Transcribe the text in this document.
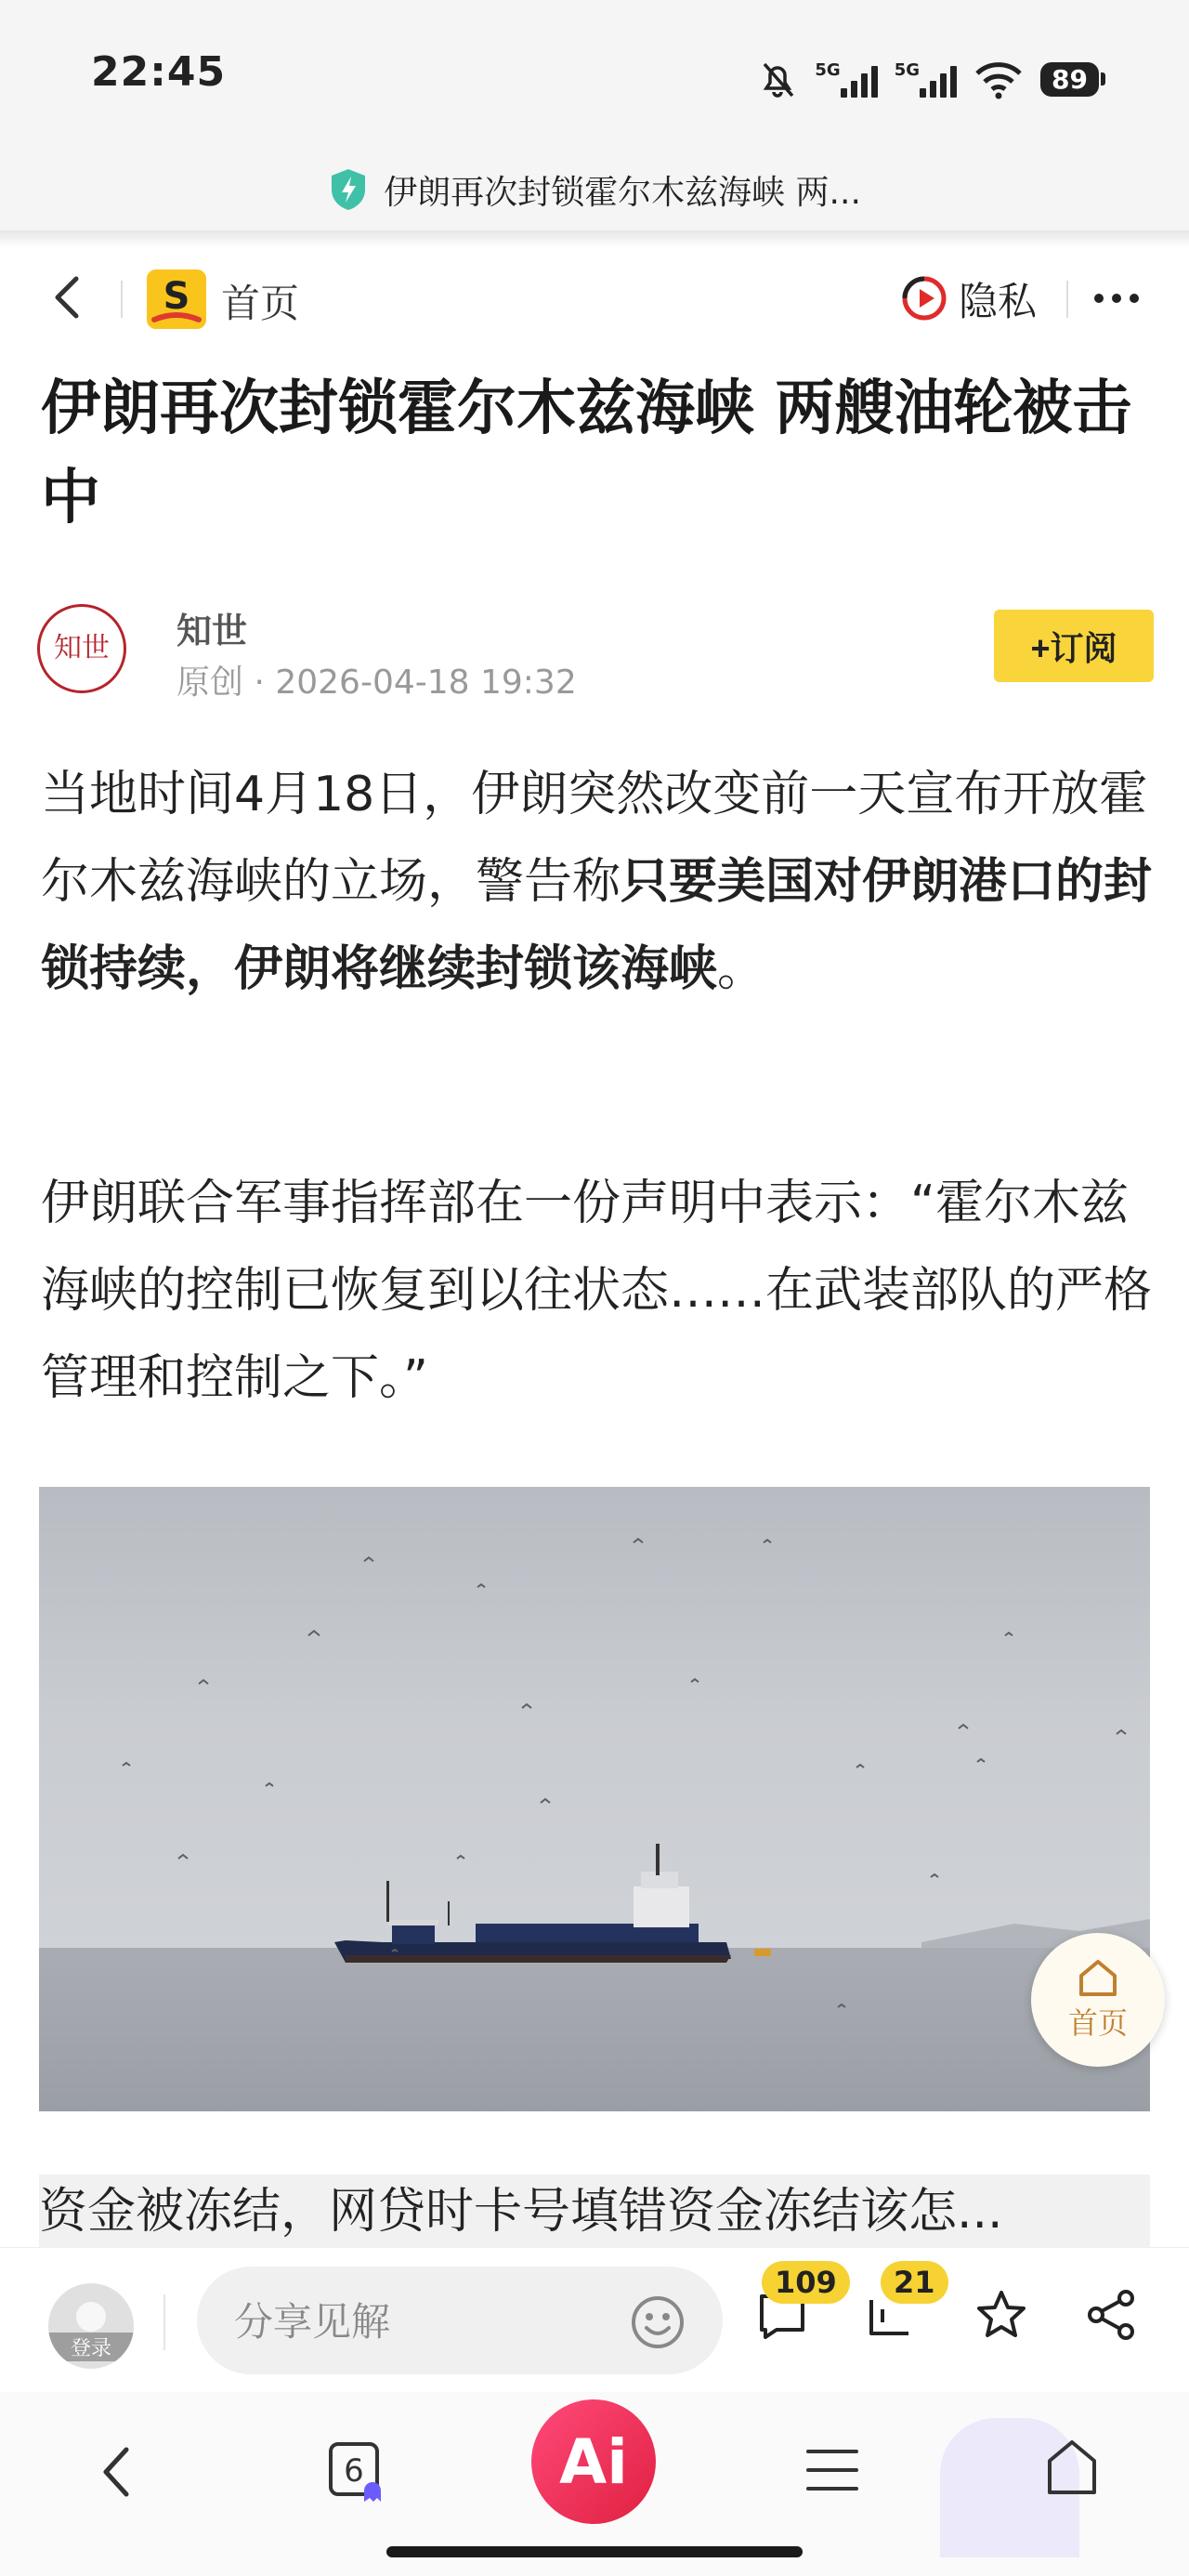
22:45	5G	5G	89
伊朗再次封锁霍尔木兹海峡 两...
S 首页	隐私
伊朗再次封锁霍尔木兹海峡 两艘油轮被击中
知世 知世
原创 · 2026-04-18 19:32
+订阅

当地时间4月18日，伊朗突然改变前一天宣布开放霍尔木兹海峡的立场，警告称只要美国对伊朗港口的封锁持续，伊朗将继续封锁该海峡。

伊朗联合军事指挥部在一份声明中表示：“霍尔木兹海峡的控制已恢复到以往状态……在武装部队的严格管理和控制之下。”

首页
资金被冻结，网贷时卡号填错资金冻结该怎...
登录
分享见解
109	21
6	Ai
